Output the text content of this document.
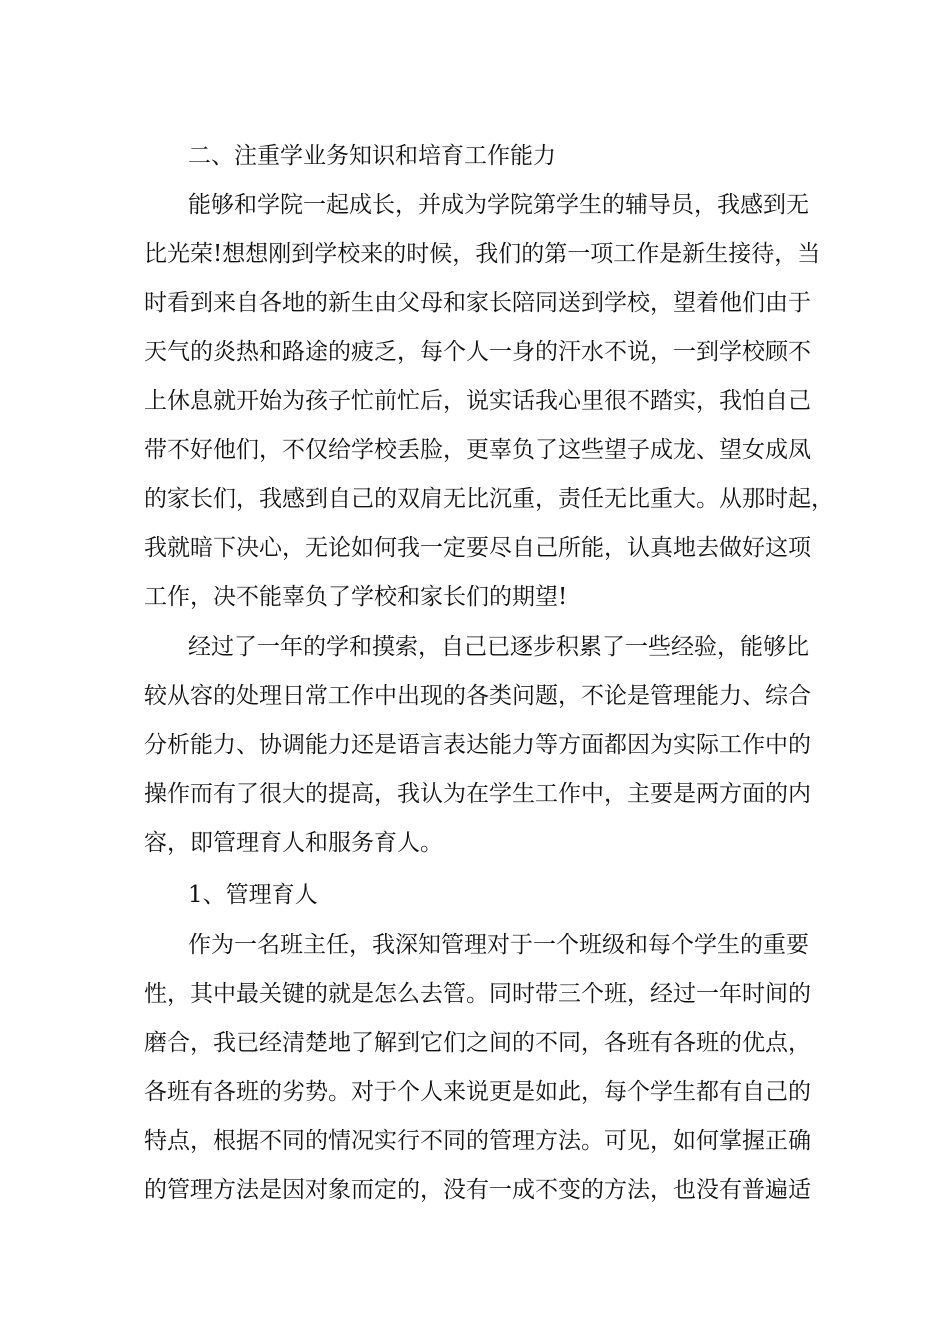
二、注重学业务知识和培育工作能力
能够和学院一起成长，并成为学院第学生的辅导员，我感到无
比光荣!想想刚到学校来的时候，我们的第一项工作是新生接待，当
时看到来自各地的新生由父母和家长陪同送到学校，望着他们由于
天气的炎热和路途的疲乏，每个人一身的汗水不说，一到学校顾不
上休息就开始为孩子忙前忙后，说实话我心里很不踏实，我怕自己
带不好他们，不仅给学校丢脸，更辜负了这些望子成龙、望女成凤
的家长们，我感到自己的双肩无比沉重，责任无比重大。从那时起，
我就暗下决心，无论如何我一定要尽自己所能，认真地去做好这项
工作，决不能辜负了学校和家长们的期望!
经过了一年的学和摸索，自己已逐步积累了一些经验，能够比
较从容的处理日常工作中出现的各类问题，不论是管理能力、综合
分析能力、协调能力还是语言表达能力等方面都因为实际工作中的
操作而有了很大的提高，我认为在学生工作中，主要是两方面的内
容，即管理育人和服务育人。
1、管理育人
作为一名班主任，我深知管理对于一个班级和每个学生的重要
性，其中最关键的就是怎么去管。同时带三个班，经过一年时间的
磨合，我已经清楚地了解到它们之间的不同，各班有各班的优点，
各班有各班的劣势。对于个人来说更是如此，每个学生都有自己的
特点，根据不同的情况实行不同的管理方法。可见，如何掌握正确
的管理方法是因对象而定的，没有一成不变的方法，也没有普遍适
